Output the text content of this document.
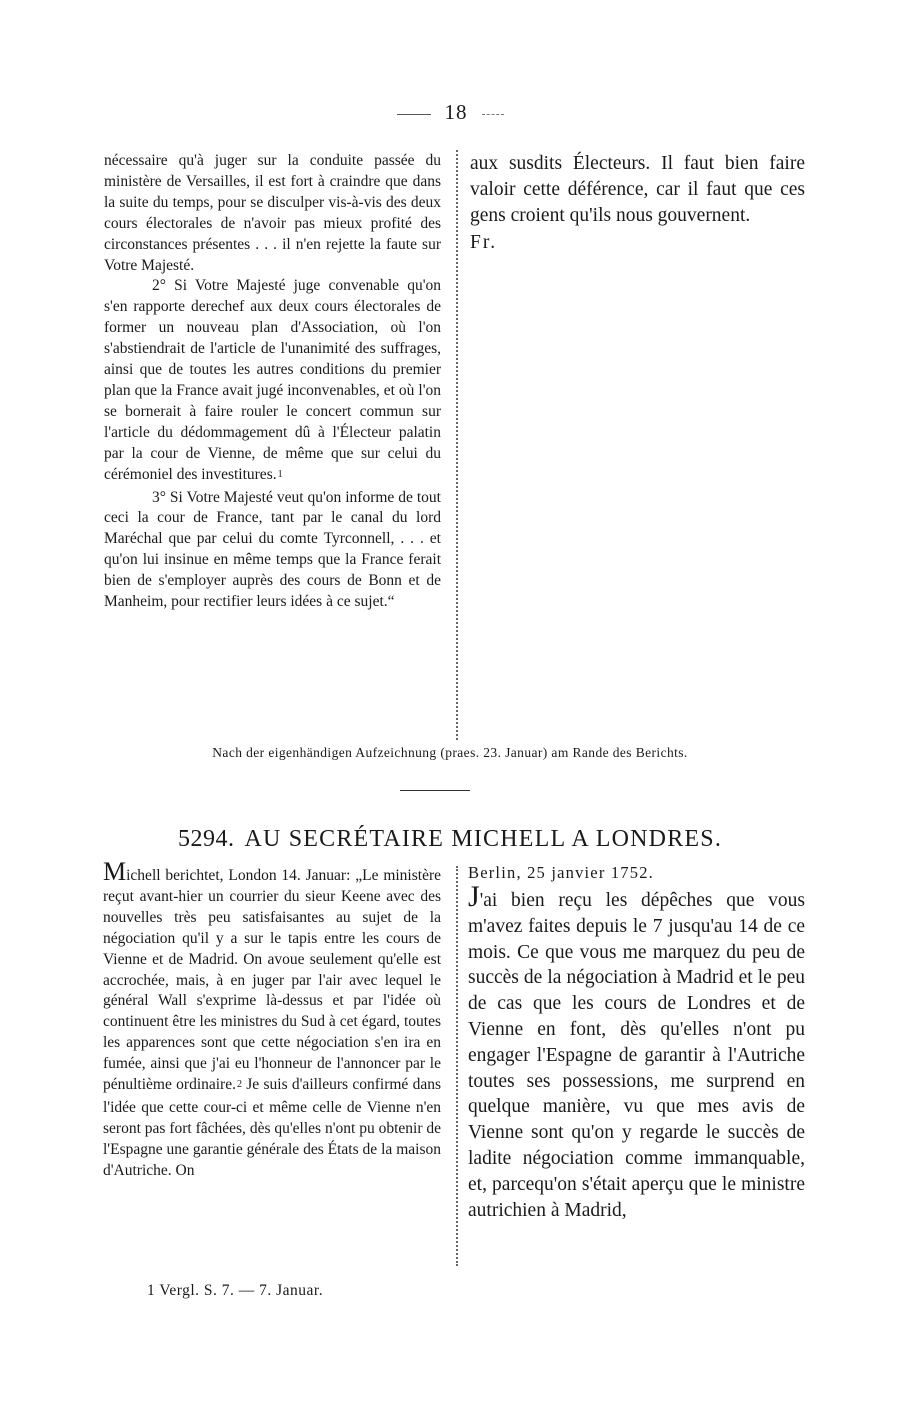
18

nécessaire qu'à juger sur la conduite passée du ministère de Versailles, il est fort à craindre que dans la suite du temps, pour se disculper vis-à-vis des deux cours électorales de n'avoir pas mieux profité des circonstances présentes . . . il n'en rejette la faute sur Votre Majesté.

2° Si Votre Majesté juge convenable qu'on s'en rapporte derechef aux deux cours électorales de former un nouveau plan d'Association, où l'on s'abstiendrait de l'article de l'unanimité des suffrages, ainsi que de toutes les autres conditions du premier plan que la France avait jugé inconvenables, et où l'on se bornerait à faire rouler le concert commun sur l'article du dédommagement dû à l'Électeur palatin par la cour de Vienne, de même que sur celui du cérémoniel des investitures.$^1$

3° Si Votre Majesté veut qu'on informe de tout ceci la cour de France, tant par le canal du lord Maréchal que par celui du comte Tyrconnell, . . . et qu'on lui insinue en même temps que la France ferait bien de s'employer auprès des cours de Bonn et de Manheim, pour rectifier leurs idées à ce sujet.“

aux susdits Électeurs. Il faut bien faire valoir cette déférence, car il faut que ces gens croient qu'ils nous gouvernent.

Fr.

Nach der eigenhändigen Aufzeichnung (praes. 23. Januar) am Rande des Berichts.
5294. AU SECRÉTAIRE MICHELL A LONDRES.

Michell berichtet, London 14. Januar: „Le ministère reçut avant-hier un courrier du sieur Keene avec des nouvelles très peu satisfaisantes au sujet de la négociation qu'il y a sur le tapis entre les cours de Vienne et de Madrid. On avoue seulement qu'elle est accrochée, mais, à en juger par l'air avec lequel le général Wall s'exprime là-dessus et par l'idée où continuent être les ministres du Sud à cet égard, toutes les apparences sont que cette négociation s'en ira en fumée, ainsi que j'ai eu l'honneur de l'annoncer par le pénultième ordinaire.$^2$ Je suis d'ailleurs confirmé dans l'idée que cette cour-ci et même celle de Vienne n'en seront pas fort fâchées, dès qu'elles n'ont pu obtenir de l'Espagne une garantie générale des États de la maison d'Autriche. On

Berlin, 25 janvier 1752.

J'ai bien reçu les dépêches que vous m'avez faites depuis le 7 jusqu'au 14 de ce mois. Ce que vous me marquez du peu de succès de la négociation à Madrid et le peu de cas que les cours de Londres et de Vienne en font, dès qu'elles n'ont pu engager l'Espagne de garantir à l'Autriche toutes ses possessions, me surprend en quelque manière, vu que mes avis de Vienne sont qu'on y regarde le succès de ladite négociation comme immanquable, et, parcequ'on s'était aperçu que le ministre autrichien à Madrid,

1 Vergl. S. 7. — 7. Januar.
